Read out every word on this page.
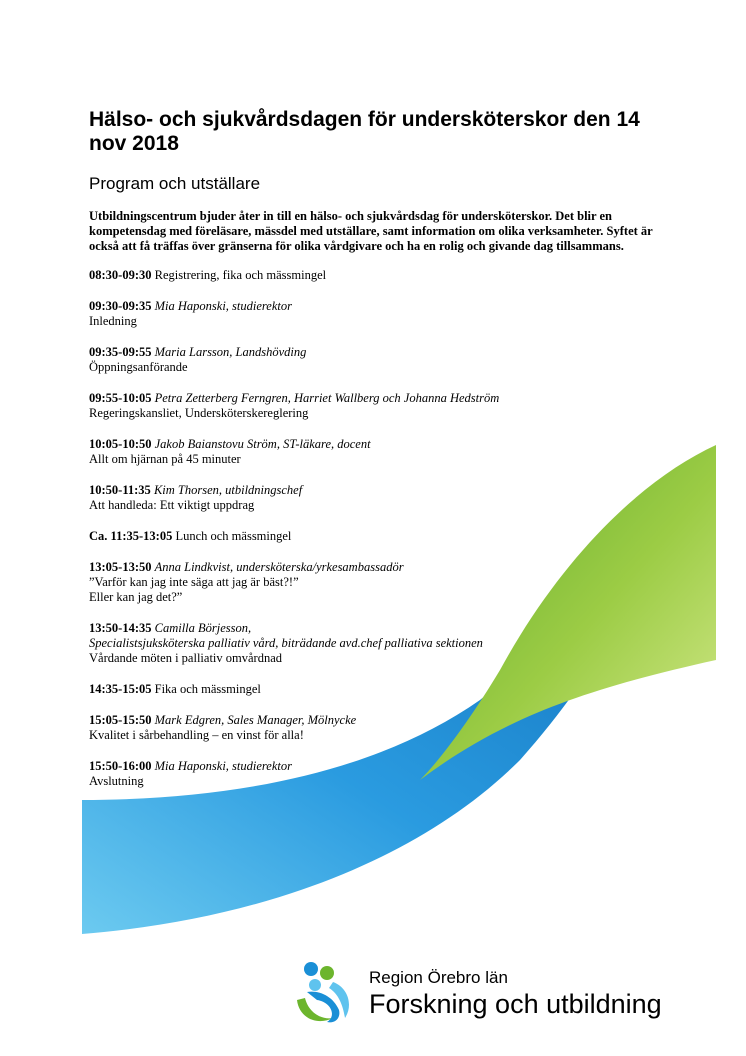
Hälso- och sjukvårdsdagen för undersköterskor den 14 nov 2018
Program och utställare

Utbildningscentrum bjuder åter in till en hälso- och sjukvårdsdag för undersköterskor. Det blir en kompetensdag med föreläsare, mässdel med utställare, samt information om olika verksamheter. Syftet är också att få träffas över gränserna för olika vårdgivare och ha en rolig och givande dag tillsammans.

08:30-09:30 Registrering, fika och mässmingel
09:30-09:35 Mia Haponski, studierektor
Inledning
09:35-09:55 Maria Larsson, Landshövding
Öppningsanförande
09:55-10:05 Petra Zetterberg Ferngren, Harriet Wallberg och Johanna Hedström
Regeringskansliet, Undersköterskereglering
10:05-10:50 Jakob Baianstovu Ström, ST-läkare, docent
Allt om hjärnan på 45 minuter
10:50-11:35 Kim Thorsen, utbildningschef
Att handleda: Ett viktigt uppdrag
Ca. 11:35-13:05 Lunch och mässmingel
13:05-13:50 Anna Lindkvist, undersköterska/yrkesambassadör
”Varför kan jag inte säga att jag är bäst?!”
Eller kan jag det?”
13:50-14:35 Camilla Börjesson,
Specialistsjuksköterska palliativ vård, biträdande avd.chef palliativa sektionen
Vårdande möten i palliativ omvårdnad
14:35-15:05 Fika och mässmingel
15:05-15:50 Mark Edgren, Sales Manager, Mölnycke
Kvalitet i sårbehandling – en vinst för alla!
15:50-16:00 Mia Haponski, studierektor
Avslutning
Region Örebro län
Forskning och utbildning
